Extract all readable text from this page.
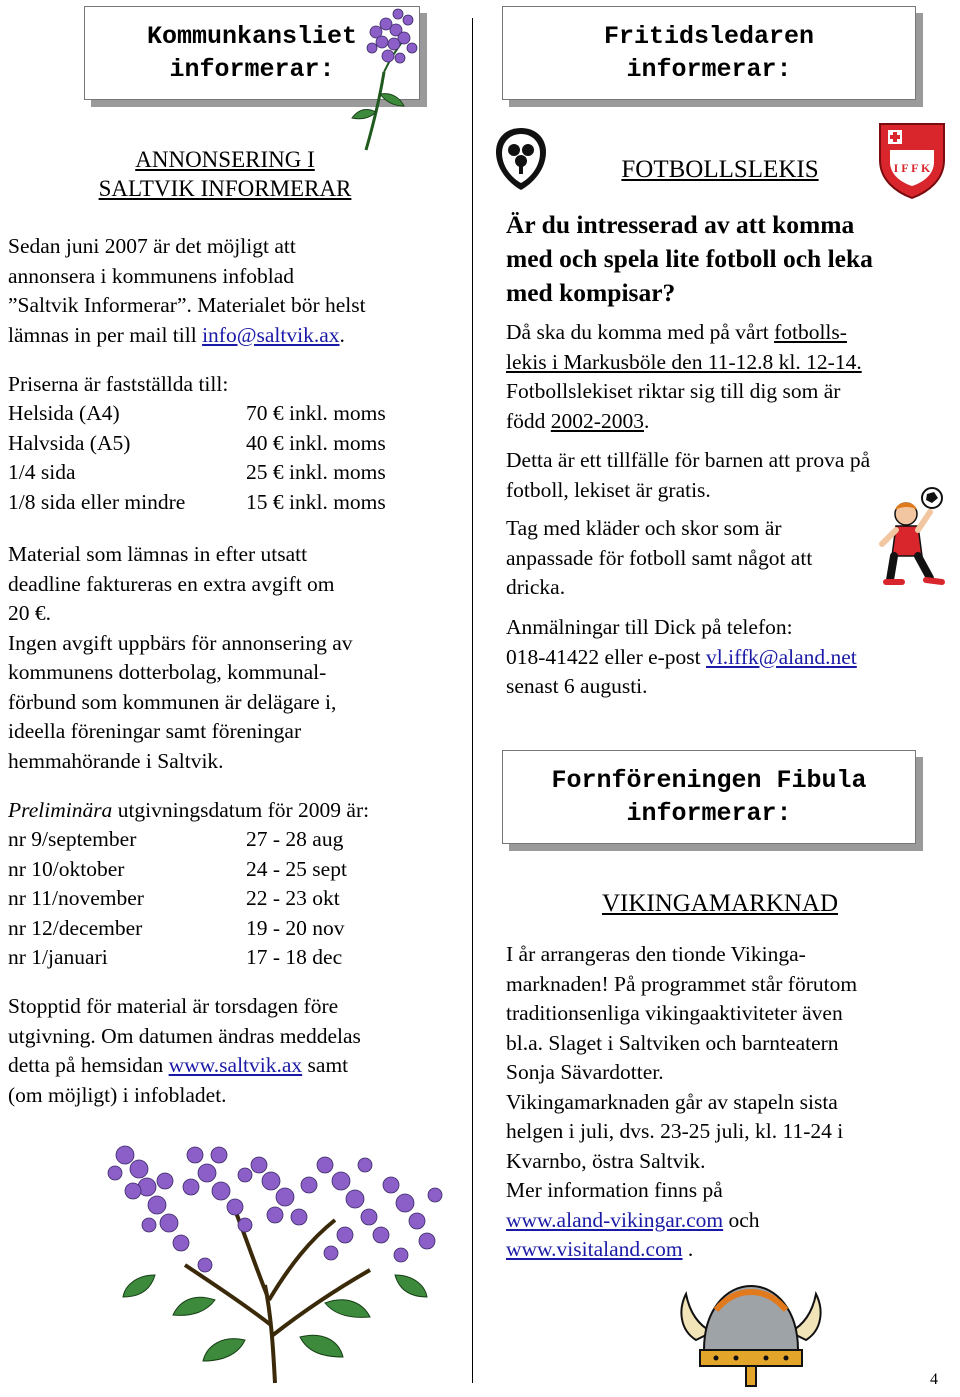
Kommunkansliet
informerar:
ANNONSERING I
SALTVIK INFORMERAR

Sedan juni 2007 är det möjligt att

annonsera i kommunens infoblad

”Saltvik Informerar”. Materialet bör helst

lämnas in per mail till info@saltvik.ax.

Priserna är fastställda till:
Helsida (A4)	70 € inkl. moms
Halvsida (A5)	40 € inkl. moms
1/4 sida	25 € inkl. moms
1/8 sida eller mindre	15 € inkl. moms

Material som lämnas in efter utsatt

deadline faktureras en extra avgift om

20 €.

Ingen avgift uppbärs för annonsering av

kommunens dotterbolag, kommunal-

förbund som kommunen är delägare i,

ideella föreningar samt föreningar

hemmahörande i Saltvik.

Preliminära utgivningsdatum för 2009 är:
nr 9/september	27 - 28 aug
nr 10/oktober	24 - 25 sept
nr 11/november	22 - 23 okt
nr 12/december	19 - 20 nov
nr 1/januari	17 - 18 dec

Stopptid för material är torsdagen före

utgivning. Om datumen ändras meddelas

detta på hemsidan www.saltvik.ax samt

(om möjligt) i infobladet.

Fritidsledaren
informerar:
FOTBOLLSLEKIS	I F F K

Är du intresserad av att komma

med och spela lite fotboll och leka

med kompisar?

Då ska du komma med på vårt fotbolls-

lekis i Markusböle den 11-12.8 kl. 12-14.

Fotbollslekiset riktar sig till dig som är

född 2002-2003.

Detta är ett tillfälle för barnen att prova på

fotboll, lekiset är gratis.

Tag med kläder och skor som är

anpassade för fotboll samt något att

dricka.

Anmälningar till Dick på telefon:

018-41422 eller e-post vl.iffk@aland.net

senast 6 augusti.

Fornföreningen Fibula
informerar:
VIKINGAMARKNAD

I år arrangeras den tionde Vikinga-

marknaden! På programmet står förutom

traditionsenliga vikingaaktiviteter även

bl.a. Slaget i Saltviken och barnteatern

Sonja Sävardotter.

Vikingamarknaden går av stapeln sista

helgen i juli, dvs. 23-25 juli, kl. 11-24 i

Kvarnbo, östra Saltvik.

Mer information finns på

www.aland-vikingar.com och

www.visitaland.com .

4
